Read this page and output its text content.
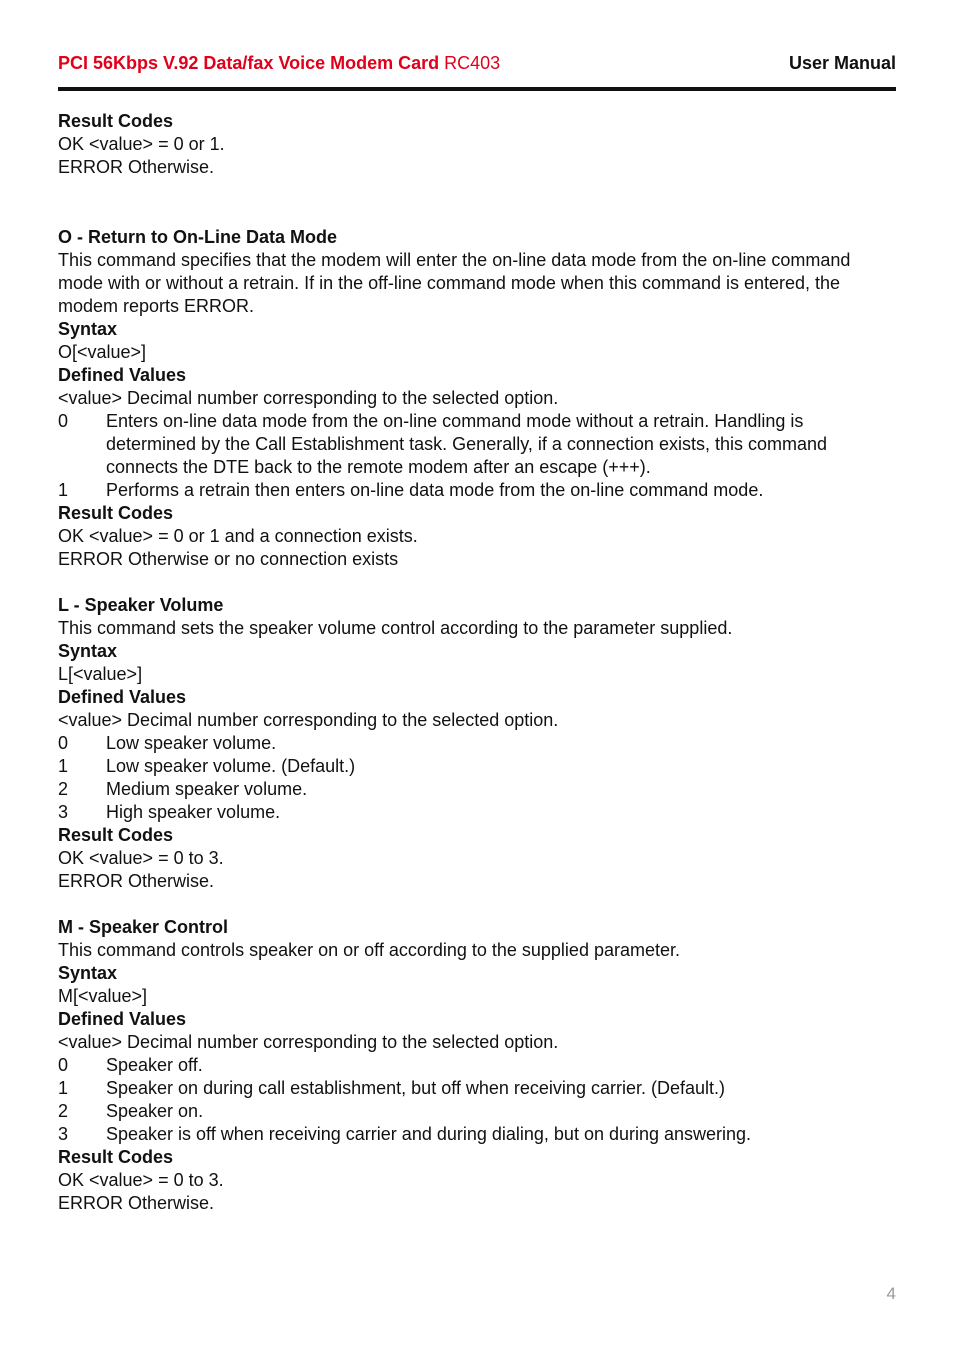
PCI 56Kbps V.92 Data/fax Voice Modem Card RC403	User Manual

Result Codes

OK <value> = 0 or 1.

ERROR Otherwise.

O - Return to On-Line Data Mode

This command specifies that the modem will enter the on-line data mode from the on-line command mode with or without a retrain. If in the off-line command mode when this command is entered, the modem reports ERROR.

Syntax

O[<value>]

Defined Values

<value> Decimal number corresponding to the selected option.

0	Enters on-line data mode from the on-line command mode without a retrain. Handling is determined by the Call Establishment task. Generally, if a connection exists, this command connects the DTE back to the remote modem after an escape (+++).
1	Performs a retrain then enters on-line data mode from the on-line command mode.

Result Codes

OK <value> = 0 or 1 and a connection exists.

ERROR Otherwise or no connection exists

L - Speaker Volume

This command sets the speaker volume control according to the parameter supplied.

Syntax

L[<value>]

Defined Values

<value> Decimal number corresponding to the selected option.

0	Low speaker volume.
1	Low speaker volume. (Default.)
2	Medium speaker volume.
3	High speaker volume.

Result Codes

OK <value> = 0 to 3.

ERROR Otherwise.

M - Speaker Control

This command controls speaker on or off according to the supplied parameter.

Syntax

M[<value>]

Defined Values

<value> Decimal number corresponding to the selected option.

0	Speaker off.
1	Speaker on during call establishment, but off when receiving carrier. (Default.)
2	Speaker on.
3	Speaker is off when receiving carrier and during dialing, but on during answering.

Result Codes

OK <value> = 0 to 3.

ERROR Otherwise.

4
